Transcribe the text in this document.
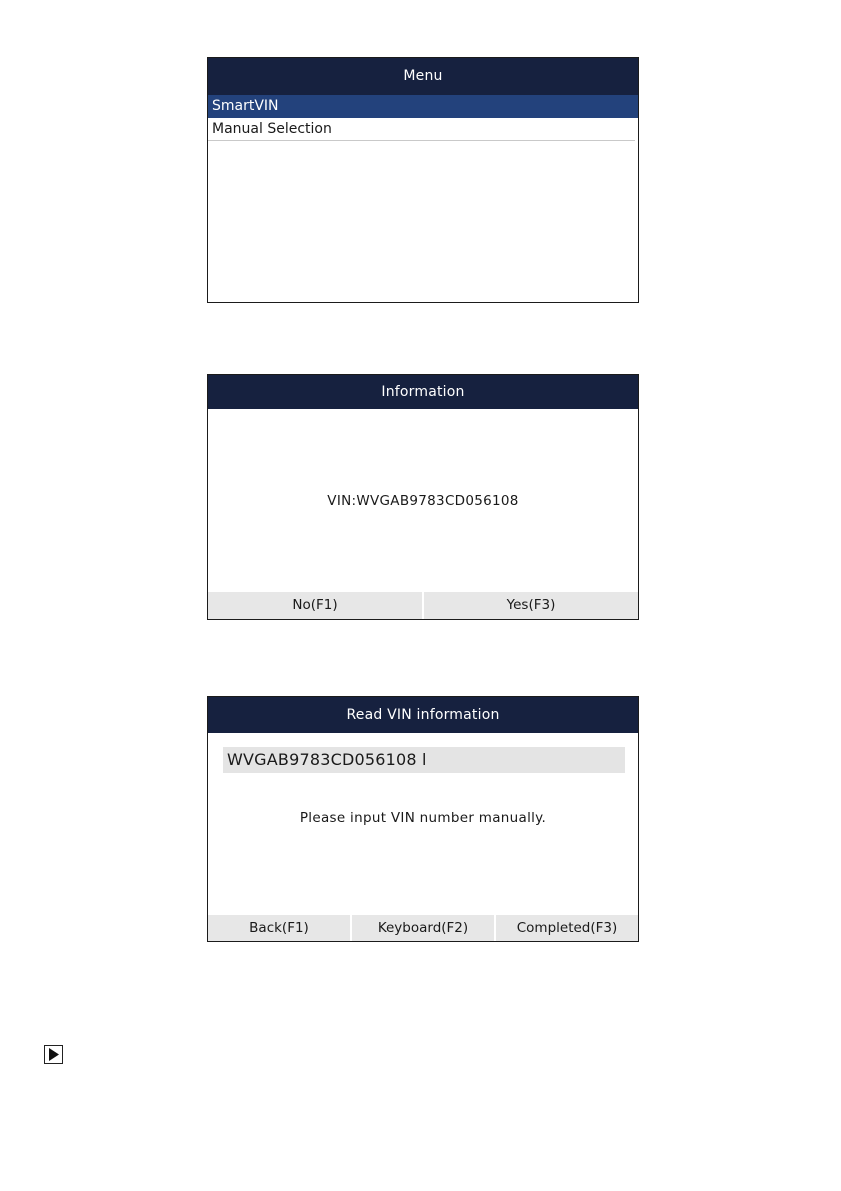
Menu
SmartVIN
Manual Selection
Information
VIN:WVGAB9783CD056108
No(F1)	Yes(F3)
Read VIN information
WVGAB9783CD056108 l
Please input VIN number manually.
Back(F1)	Keyboard(F2)	Completed(F3)
